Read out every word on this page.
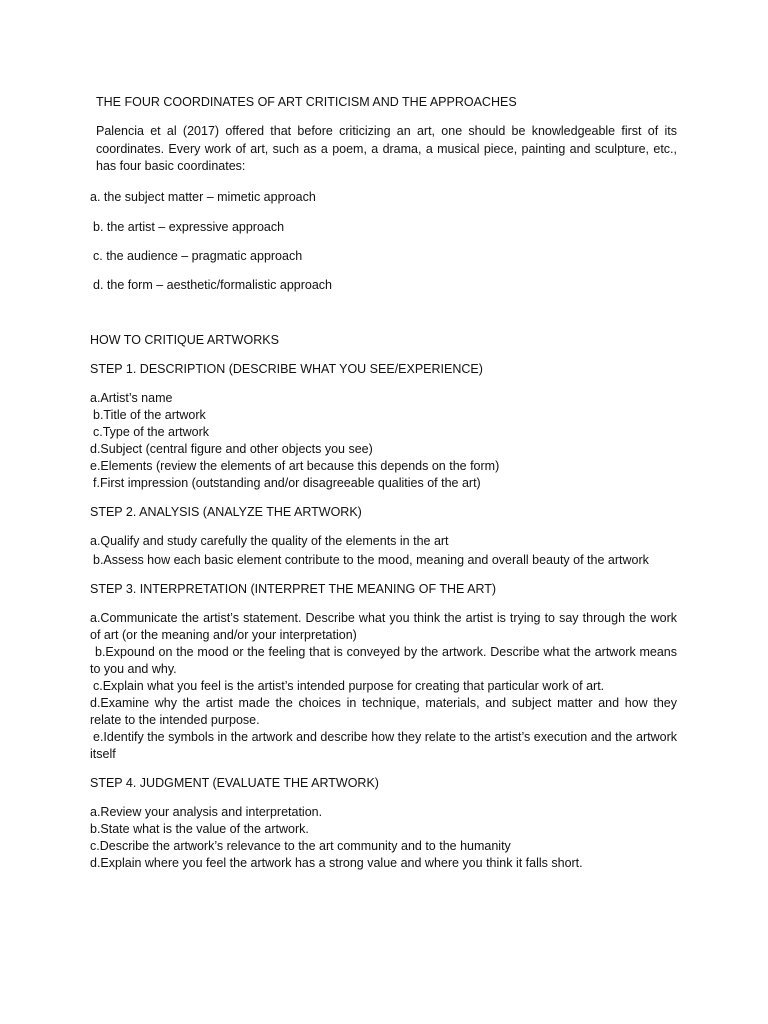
THE FOUR COORDINATES OF ART CRITICISM AND THE APPROACHES

Palencia et al (2017) offered that before criticizing an art, one should be knowledgeable first of its coordinates. Every work of art, such as a poem, a drama, a musical piece, painting and sculpture, etc., has four basic coordinates:

a. the subject matter – mimetic approach

b. the artist – expressive approach

c. the audience – pragmatic approach

d. the form – aesthetic/formalistic approach

HOW TO CRITIQUE ARTWORKS

STEP 1. DESCRIPTION (DESCRIBE WHAT YOU SEE/EXPERIENCE)

a.Artist’s name

b.Title of the artwork

c.Type of the artwork

d.Subject (central figure and other objects you see)

e.Elements (review the elements of art because this depends on the form)

f.First impression (outstanding and/or disagreeable qualities of the art)

STEP 2. ANALYSIS (ANALYZE THE ARTWORK)

a.Qualify and study carefully the quality of the elements in the art

b.Assess how each basic element contribute to the mood, meaning and overall beauty of the artwork

STEP 3. INTERPRETATION (INTERPRET THE MEANING OF THE ART)

a.Communicate the artist’s statement. Describe what you think the artist is trying to say through the work of art (or the meaning and/or your interpretation)

b.Expound on the mood or the feeling that is conveyed by the artwork. Describe what the artwork means to you and why.

c.Explain what you feel is the artist’s intended purpose for creating that particular work of art.

d.Examine why the artist made the choices in technique, materials, and subject matter and how they relate to the intended purpose.

e.Identify the symbols in the artwork and describe how they relate to the artist’s execution and the artwork itself

STEP 4. JUDGMENT (EVALUATE THE ARTWORK)

a.Review your analysis and interpretation.

b.State what is the value of the artwork.

c.Describe the artwork’s relevance to the art community and to the humanity

d.Explain where you feel the artwork has a strong value and where you think it falls short.
